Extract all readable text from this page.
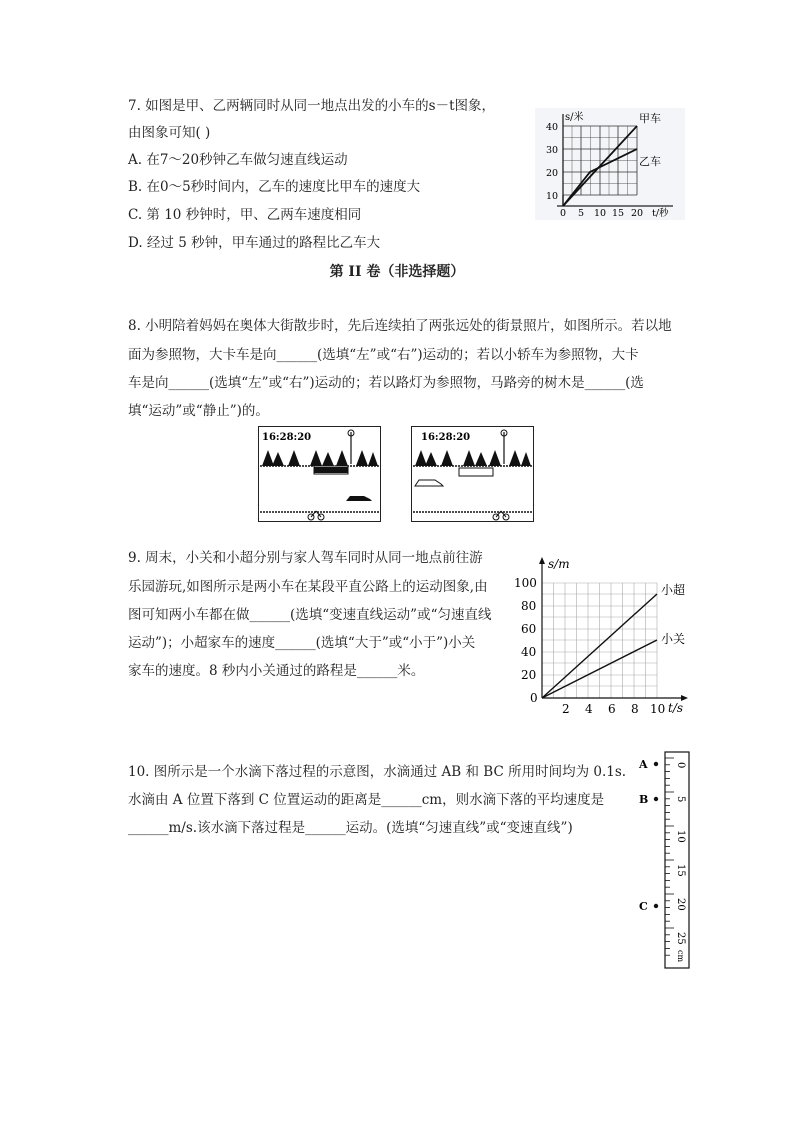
7. 如图是甲、乙两辆同时从同一地点出发的小车的s－t图象，
由图象可知( )
A. 在7～20秒钟乙车做匀速直线运动
B. 在0～5秒时间内，乙车的速度比甲车的速度大
C. 第 10 秒钟时，甲、乙两车速度相同
D. 经过 5 秒钟，甲车通过的路程比乙车大
s/米	甲车
乙车
40
30
20
10
0 5 10 15 20 t/秒
第 II 卷（非选择题）
8. 小明陪着妈妈在奥体大街散步时，先后连续拍了两张远处的街景照片，如图所示。若以地
面为参照物，大卡车是向______(选填“左”或“右”)运动的；若以小轿车为参照物，大卡
车是向______(选填“左”或“右”)运动的；若以路灯为参照物，马路旁的树木是______(选
填“运动”或“静止”)的。
16:28:20	16:28:20
9. 周末，小关和小超分别与家人驾车同时从同一地点前往游
乐园游玩,如图所示是两小车在某段平直公路上的运动图象,由
图可知两小车都在做______(选填“变速直线运动”或“匀速直线
运动”)；小超家车的速度______(选填“大于”或“小于”)小关
家车的速度。8 秒内小关通过的路程是______米。
s/m
小超
小关
100
80
60
40
20
0
2 4 6 8 10 t/s
10. 图所示是一个水滴下落过程的示意图，水滴通过 AB 和 BC 所用时间均为 0.1s.
水滴由 A 位置下落到 C 位置运动的距离是______cm，则水滴下落的平均速度是
______m/s.该水滴下落过程是______运动。(选填“匀速直线”或“变速直线”)
0
5
10
15
20
25
cm
A
B
C
